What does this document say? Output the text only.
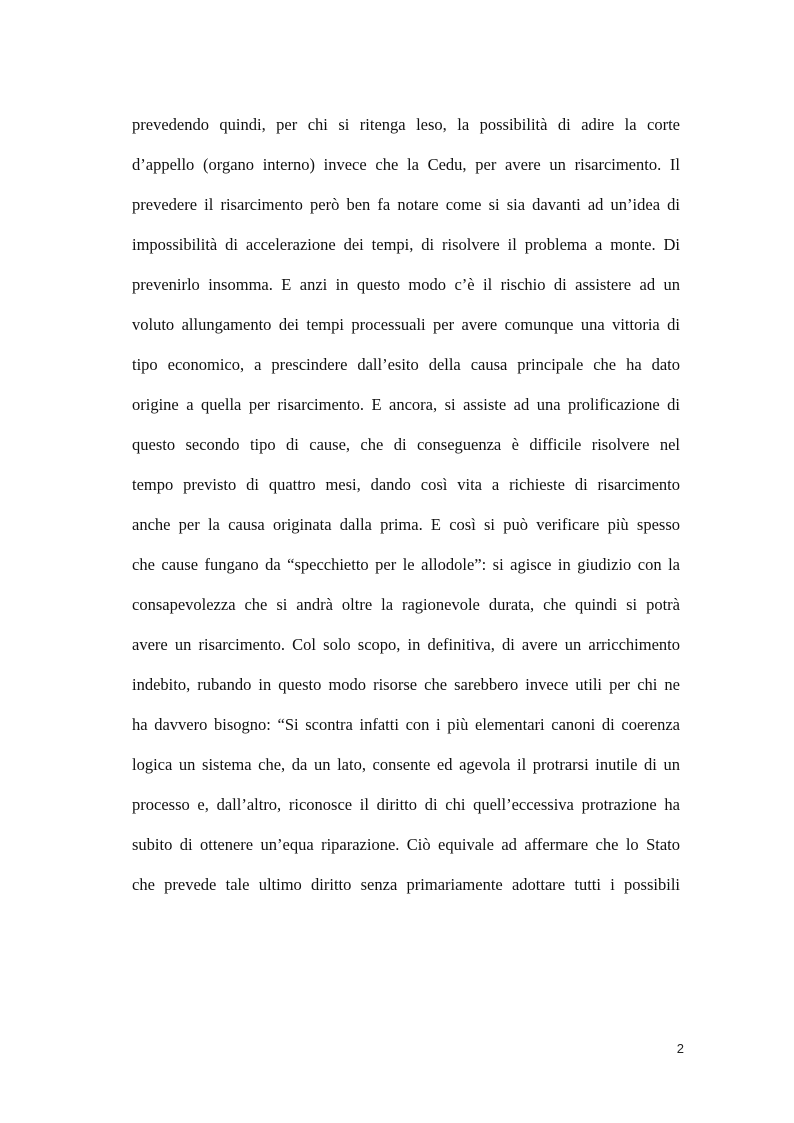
prevedendo quindi, per chi si ritenga leso, la possibilità di adire la corte
d’appello (organo interno) invece che la Cedu, per avere un risarcimento. Il
prevedere il risarcimento però ben fa notare come si sia davanti ad un’idea di
impossibilità di accelerazione dei tempi, di risolvere il problema a monte. Di
prevenirlo insomma. E anzi in questo modo c’è il rischio di assistere ad un
voluto allungamento dei tempi processuali per avere comunque una vittoria di
tipo economico, a prescindere dall’esito della causa principale che ha dato
origine a quella per risarcimento. E ancora, si assiste ad una prolificazione di
questo secondo tipo di cause, che di conseguenza è difficile risolvere nel
tempo previsto di quattro mesi, dando così vita a richieste di risarcimento
anche per la causa originata dalla prima. E così si può verificare più spesso
che cause fungano da “specchietto per le allodole”: si agisce in giudizio con la
consapevolezza che si andrà oltre la ragionevole durata, che quindi si potrà
avere un risarcimento. Col solo scopo, in definitiva, di avere un arricchimento
indebito, rubando in questo modo risorse che sarebbero invece utili per chi ne
ha davvero bisogno: “Si scontra infatti con i più elementari canoni di coerenza
logica un sistema che, da un lato, consente ed agevola il protrarsi inutile di un
processo e, dall’altro, riconosce il diritto di chi quell’eccessiva protrazione ha
subito di ottenere un’equa riparazione. Ciò equivale ad affermare che lo Stato
che prevede tale ultimo diritto senza primariamente adottare tutti i possibili
2
